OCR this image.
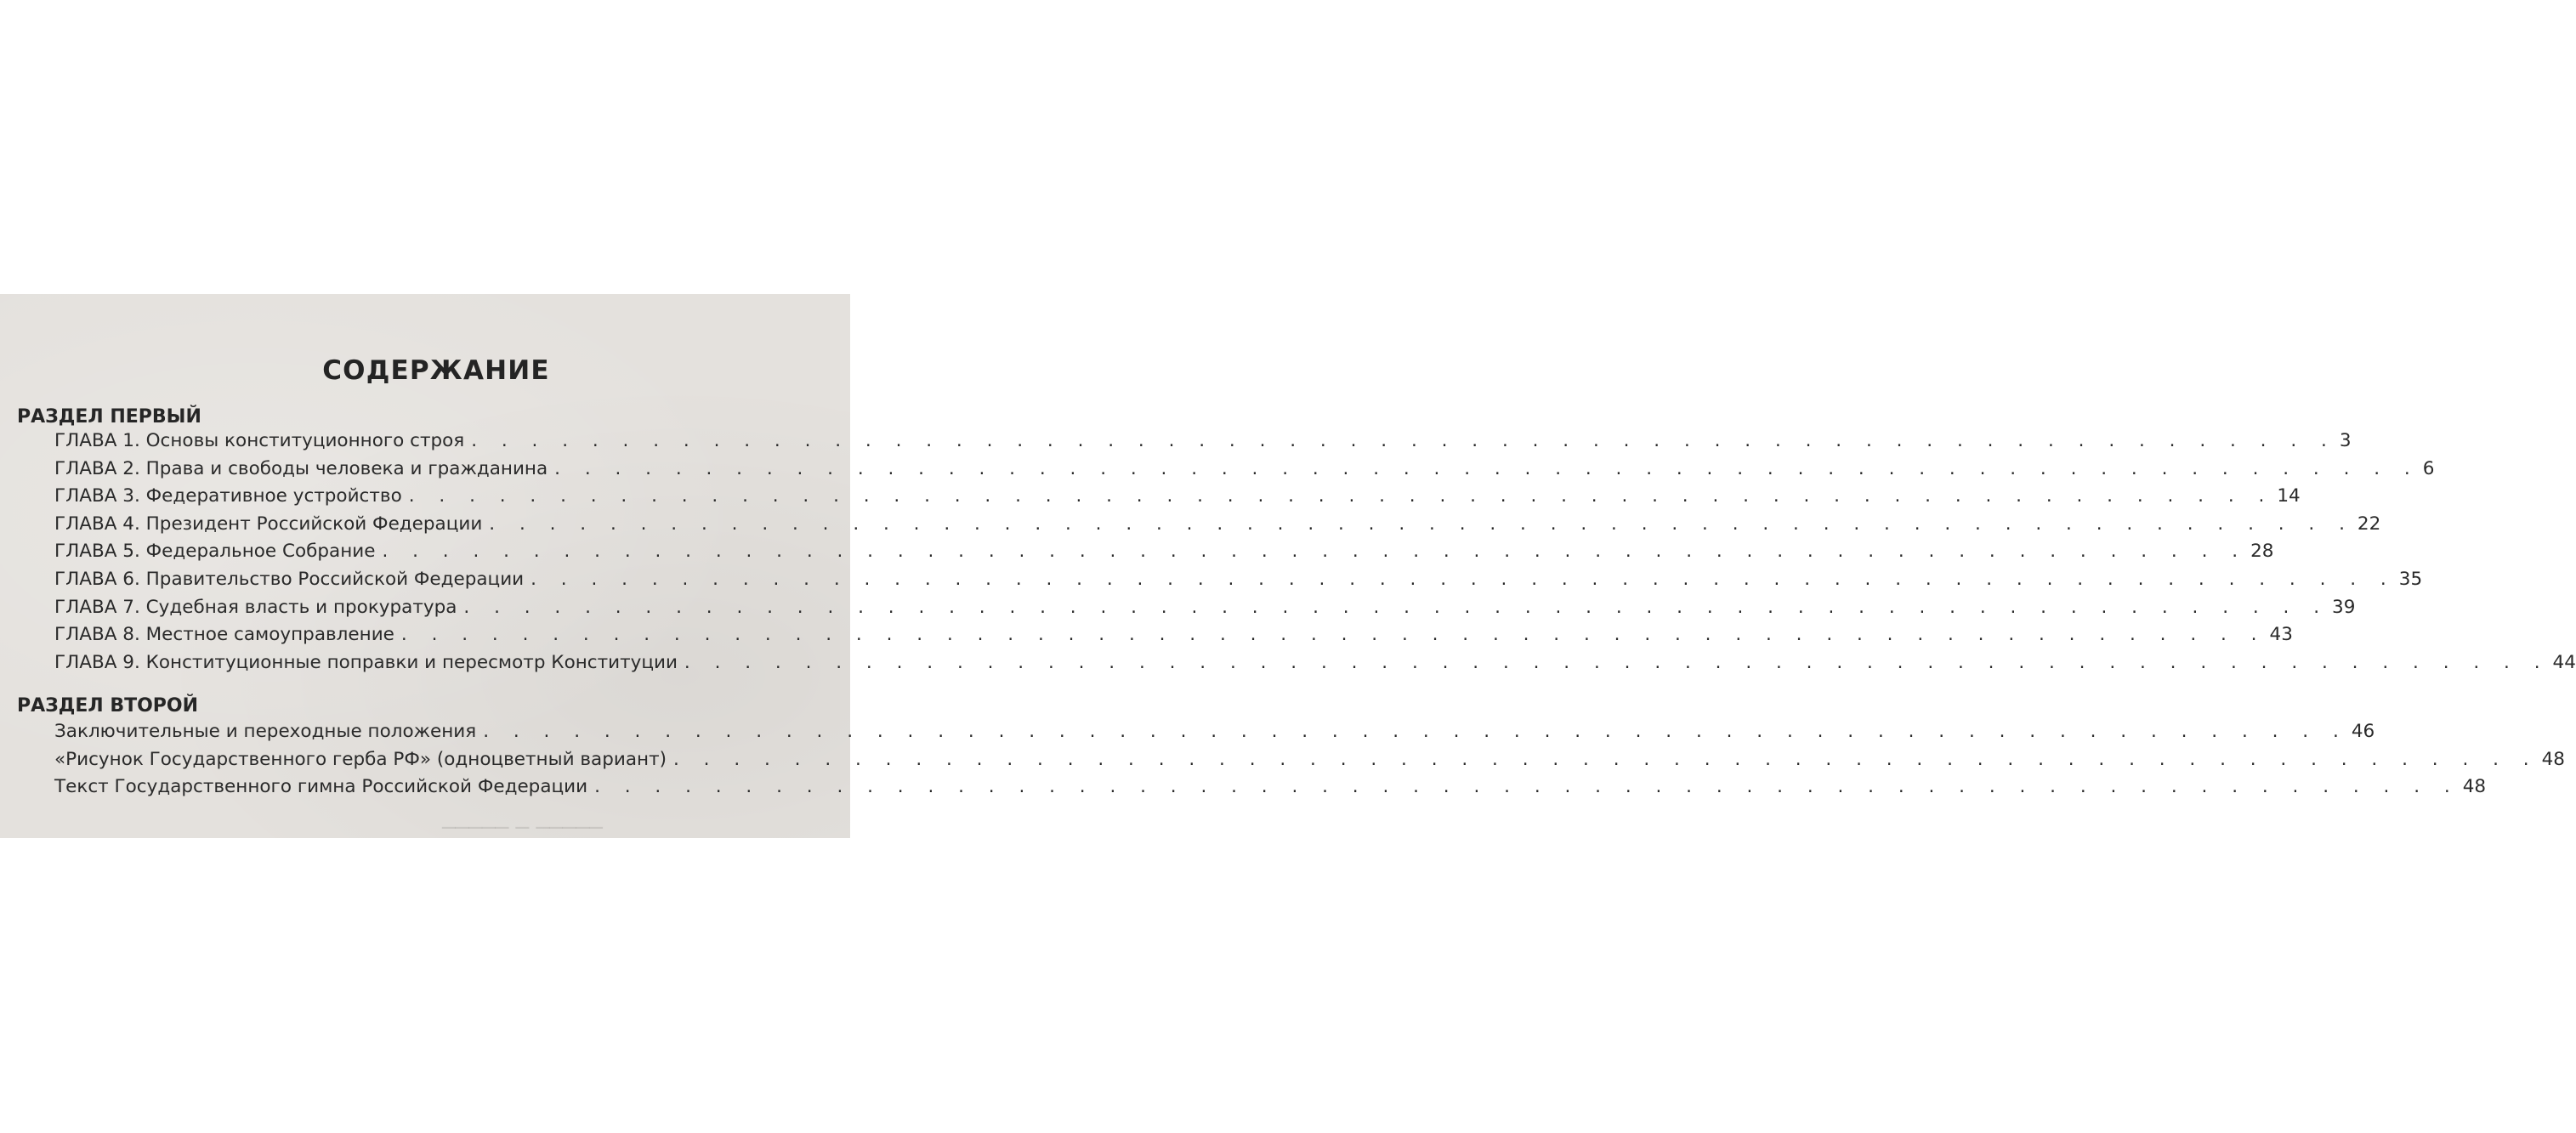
───── ─ ─────
СОДЕРЖАНИЕ
РАЗДЕЛ ПЕРВЫЙ
ГЛАВА 1. Основы конституционного строя . . . . . . . . . . . . . . . . . . . . . . . . . . . . . . . . . . . . . . . . . . . . . . . . . . . . . . . . . . . . . . 3
ГЛАВА 2. Права и свободы человека и гражданина . . . . . . . . . . . . . . . . . . . . . . . . . . . . . . . . . . . . . . . . . . . . . . . . . . . . . . . . . . . . . . 6
ГЛАВА 3. Федеративное устройство . . . . . . . . . . . . . . . . . . . . . . . . . . . . . . . . . . . . . . . . . . . . . . . . . . . . . . . . . . . . . . 14
ГЛАВА 4. Президент Российской Федерации . . . . . . . . . . . . . . . . . . . . . . . . . . . . . . . . . . . . . . . . . . . . . . . . . . . . . . . . . . . . . . 22
ГЛАВА 5. Федеральное Собрание . . . . . . . . . . . . . . . . . . . . . . . . . . . . . . . . . . . . . . . . . . . . . . . . . . . . . . . . . . . . . . 28
ГЛАВА 6. Правительство Российской Федерации . . . . . . . . . . . . . . . . . . . . . . . . . . . . . . . . . . . . . . . . . . . . . . . . . . . . . . . . . . . . . . 35
ГЛАВА 7. Судебная власть и прокуратура . . . . . . . . . . . . . . . . . . . . . . . . . . . . . . . . . . . . . . . . . . . . . . . . . . . . . . . . . . . . . . 39
ГЛАВА 8. Местное самоуправление . . . . . . . . . . . . . . . . . . . . . . . . . . . . . . . . . . . . . . . . . . . . . . . . . . . . . . . . . . . . . . 43
ГЛАВА 9. Конституционные поправки и пересмотр Конституции . . . . . . . . . . . . . . . . . . . . . . . . . . . . . . . . . . . . . . . . . . . . . . . . . . . . . . . . . . . . . . 44
РАЗДЕЛ ВТОРОЙ
Заключительные и переходные положения . . . . . . . . . . . . . . . . . . . . . . . . . . . . . . . . . . . . . . . . . . . . . . . . . . . . . . . . . . . . . . 46
«Рисунок Государственного герба РФ» (одноцветный вариант) . . . . . . . . . . . . . . . . . . . . . . . . . . . . . . . . . . . . . . . . . . . . . . . . . . . . . . . . . . . . . . 48
Текст Государственного гимна Российской Федерации . . . . . . . . . . . . . . . . . . . . . . . . . . . . . . . . . . . . . . . . . . . . . . . . . . . . . . . . . . . . . . 48
